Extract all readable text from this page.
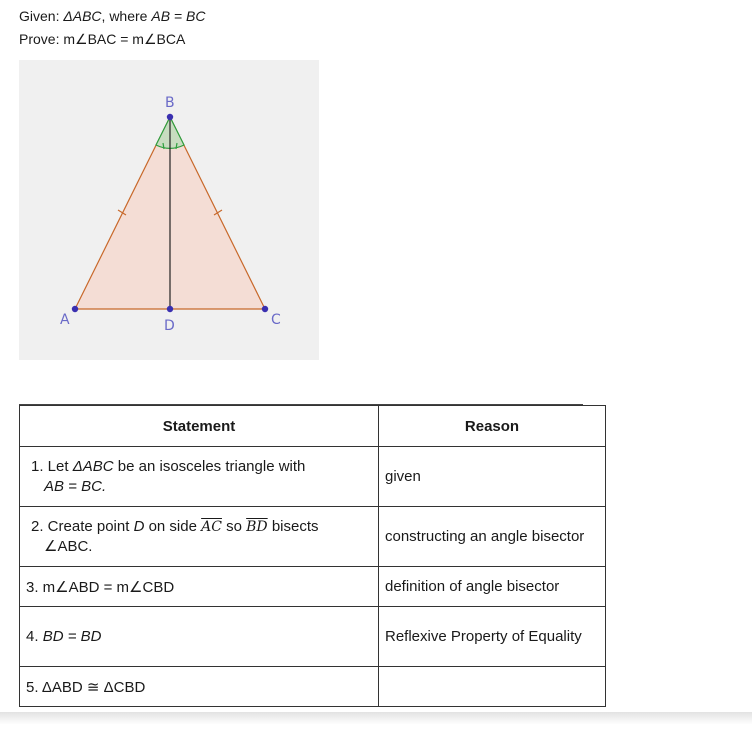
Given: ΔABC, where AB = BC
Prove: m∠BAC = m∠BCA
A
B
C
D
Statement	Reason

1. Let ΔABC be an isosceles triangle with
AB = BC.	given

2. Create point D on side $\overline{AC}$ so $\overline{BD}$ bisects
∠ABC.	constructing an angle bisector
3. m∠ABD = m∠CBD	definition of angle bisector
4. BD = BD	Reflexive Property of Equality
5. ΔABD ≅ ΔCBD	
